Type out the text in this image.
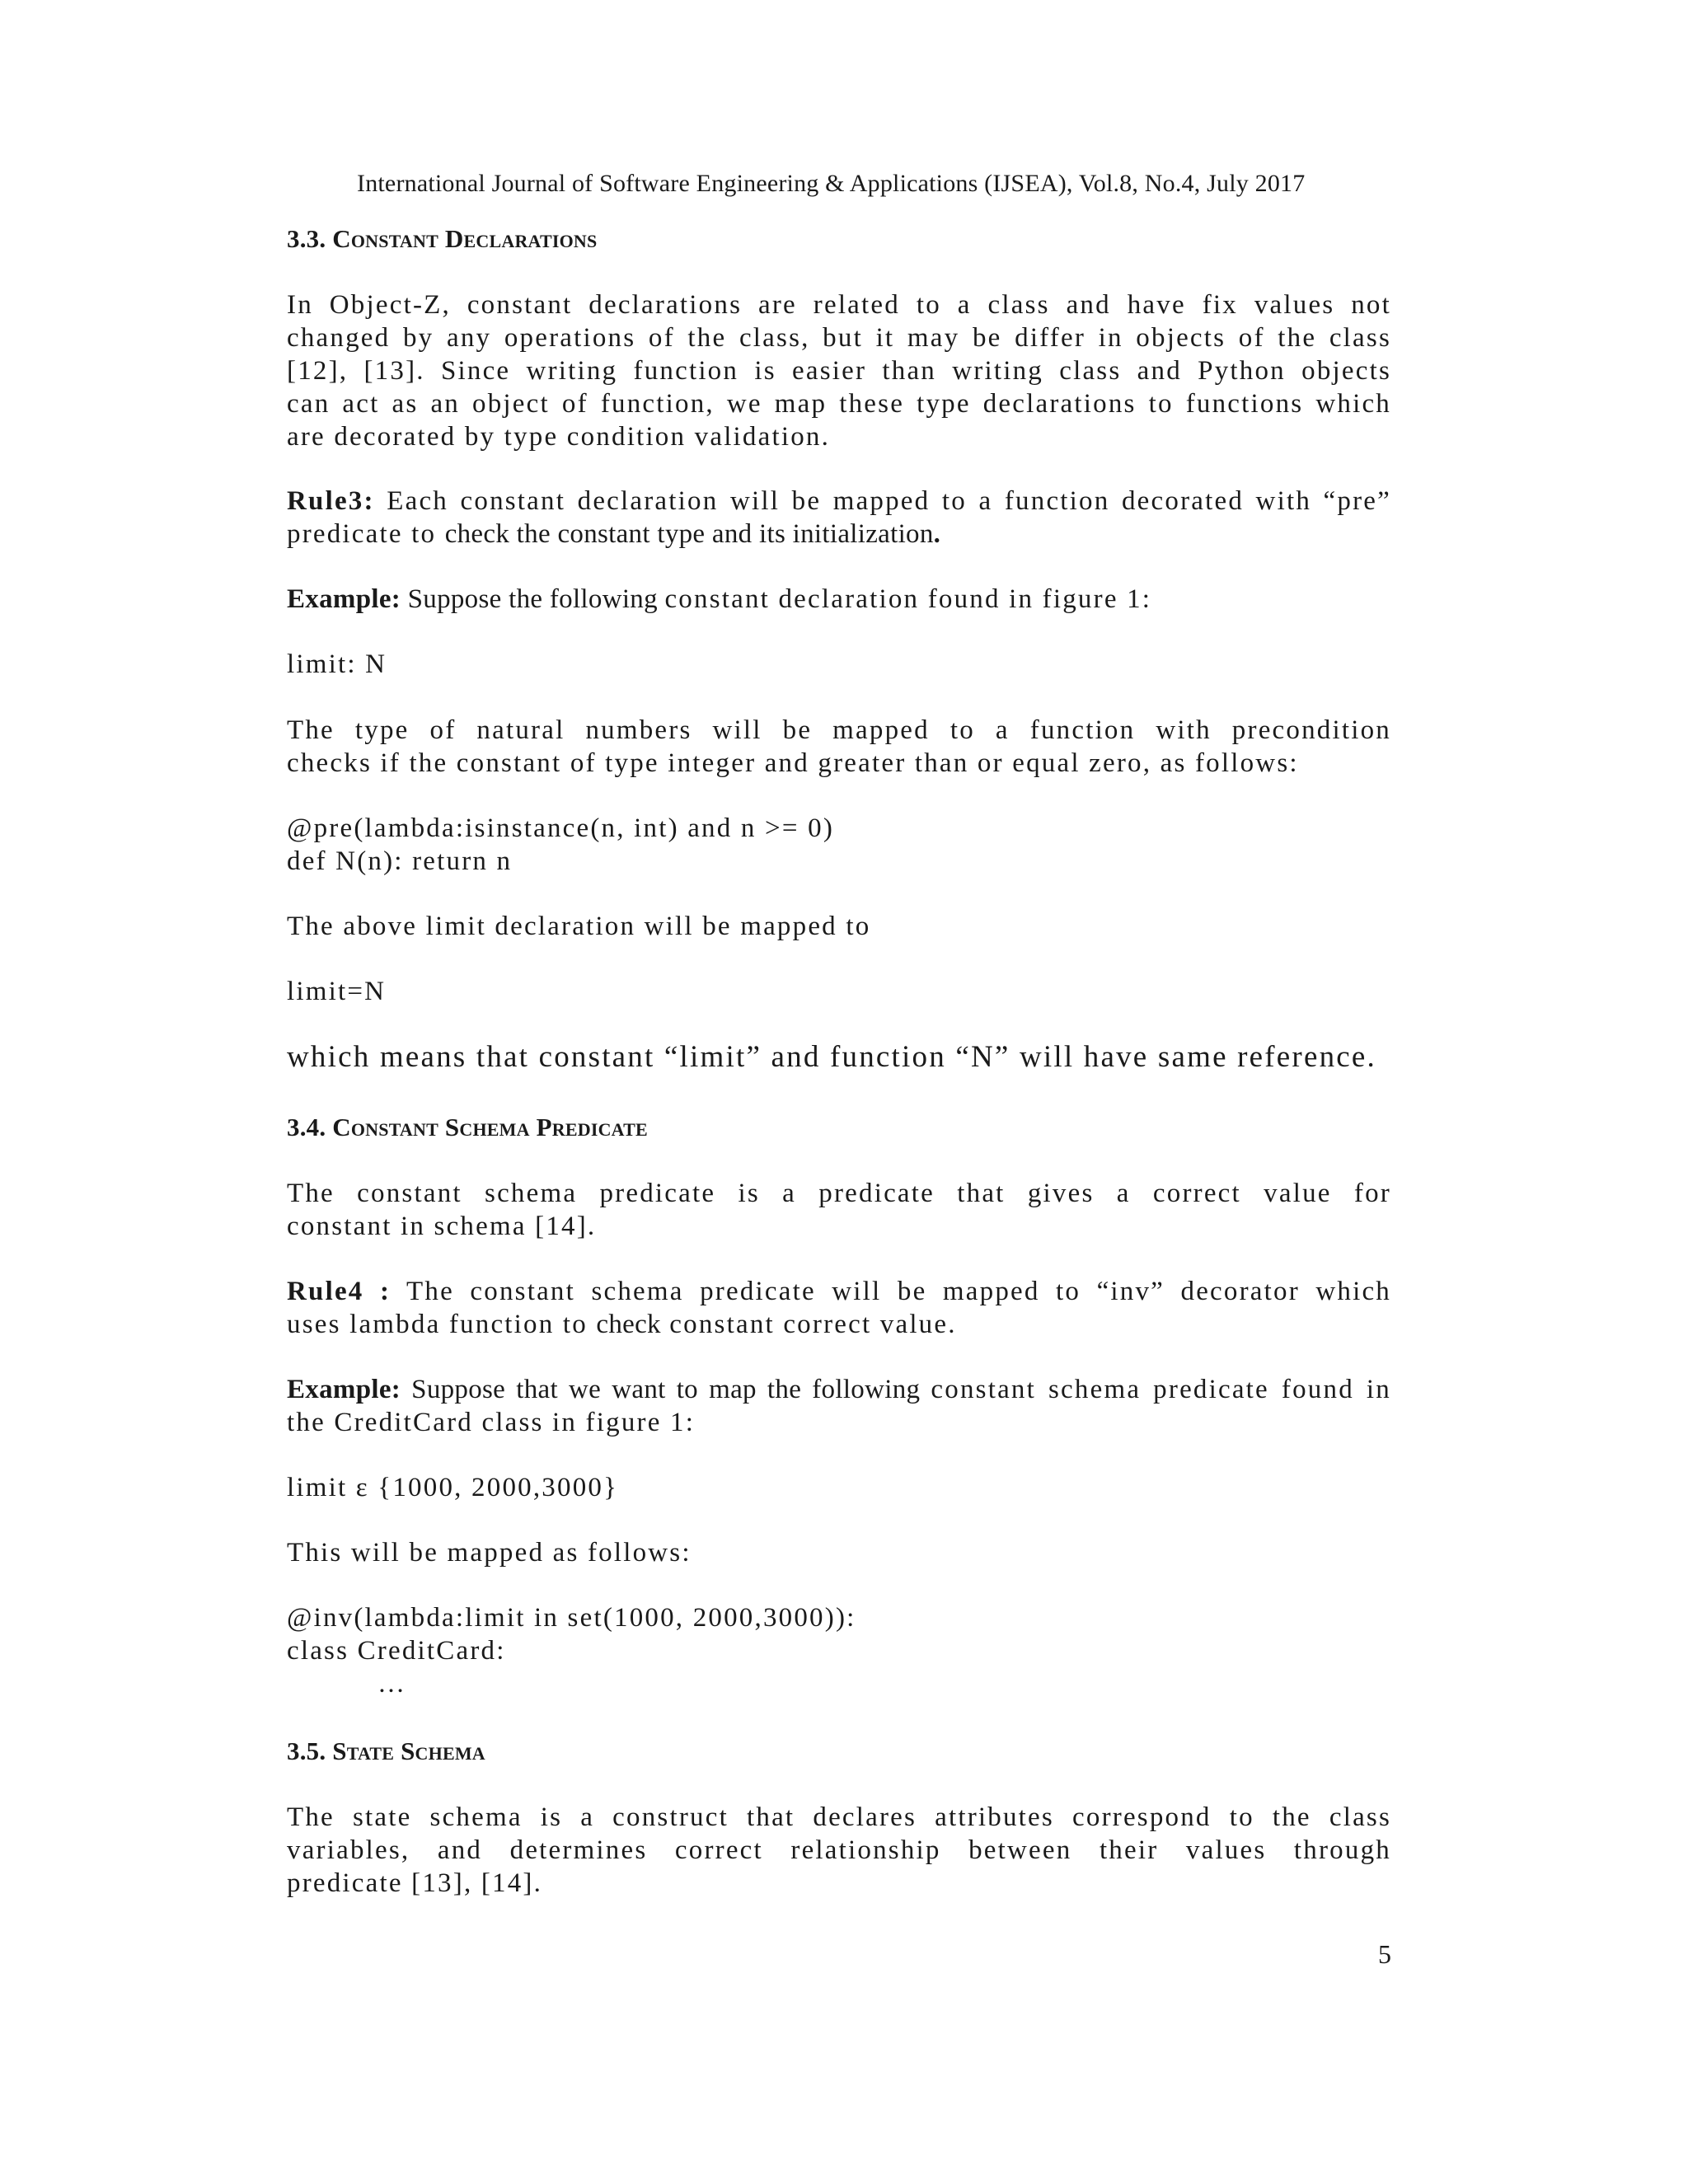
International Journal of Software Engineering & Applications (IJSEA), Vol.8, No.4, July 2017
3.3. Constant Declarations
In Object-Z, constant declarations are related to a class and have fix values not
changed by any operations of the class, but it may be differ in objects of the class
[12], [13]. Since writing function is easier than writing class and Python objects
can act as an object of function, we map these type declarations to functions which
are decorated by type condition validation.
Rule3: Each constant declaration will be mapped to a function decorated with “pre”
predicate to check the constant type and its initialization.
Example: Suppose the following constant declaration found in figure 1:
limit: N
The type of natural numbers will be mapped to a function with precondition
checks if the constant of type integer and greater than or equal zero, as follows:
@pre(lambda:isinstance(n, int) and n >= 0)
def N(n): return n
The above limit declaration will be mapped to
limit=N
which means that constant “limit” and function “N” will have same reference.
3.4. Constant Schema Predicate
The constant schema predicate is a predicate that gives a correct value for
constant in schema [14].
Rule4 : The constant schema predicate will be mapped to “inv” decorator which
uses lambda function to check constant correct value.
Example: Suppose that we want to map the following constant schema predicate found in
the CreditCard class in figure 1:
limit ε {1000, 2000,3000}
This will be mapped as follows:
@inv(lambda:limit in set(1000, 2000,3000)):
class CreditCard:
…
3.5. State Schema
The state schema is a construct that declares attributes correspond to the class
variables, and determines correct relationship between their values through
predicate [13], [14].
5
